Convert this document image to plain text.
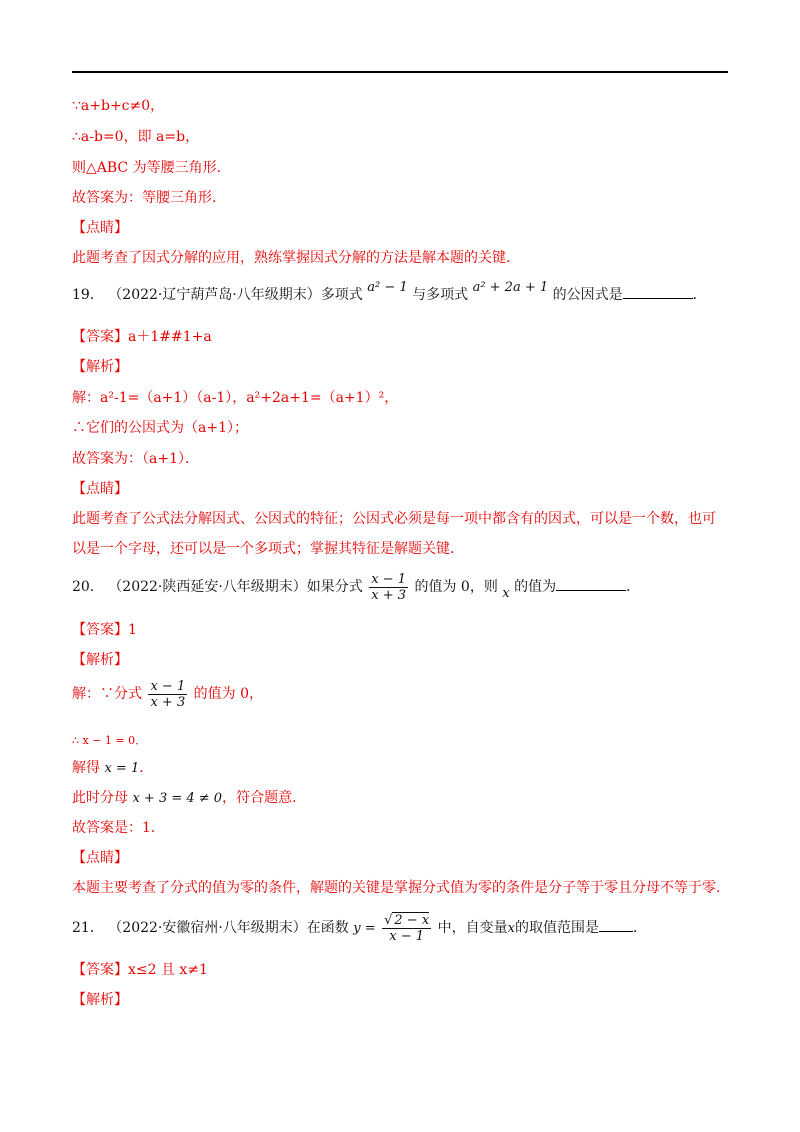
∵a+b+c≠0，
∴a-b=0，即 a=b，
则△ABC 为等腰三角形．
故答案为：等腰三角形．
【点睛】
此题考查了因式分解的应用，熟练掌握因式分解的方法是解本题的关键．
19． （2022·辽宁葫芦岛·八年级期末）多项式 a² − 1 与多项式 a² + 2a + 1 的公因式是	．
【答案】a＋1##1+a
【解析】
解：a²-1=（a+1）（a-1），a²+2a+1=（a+1）²，
∴它们的公因式为（a+1）；
故答案为：（a+1）．
【点睛】
此题考查了公式法分解因式、公因式的特征；公因式必须是每一项中都含有的因式，可以是一个数，也可
以是一个字母，还可以是一个多项式；掌握其特征是解题关键．
20． （2022·陕西延安·八年级期末）如果分式 $\frac{x - 1}{x + 3}$ 的值为 0，则 x 的值为	．
【答案】1
【解析】
解：∵分式 $\frac{x - 1}{x + 3}$ 的值为 0，
∴ x − 1 = 0．
解得 x = 1．
此时分母 x + 3 = 4 ≠ 0，符合题意．
故答案是：1．
【点睛】
本题主要考查了分式的值为零的条件，解题的关键是掌握分式值为零的条件是分子等于零且分母不等于零．
21． （2022·安徽宿州·八年级期末）在函数 $y = \frac{√ 2 - x}{x - 1}$ 中，自变量x的取值范围是 ．
【答案】x≤2 且 x≠1
【解析】
